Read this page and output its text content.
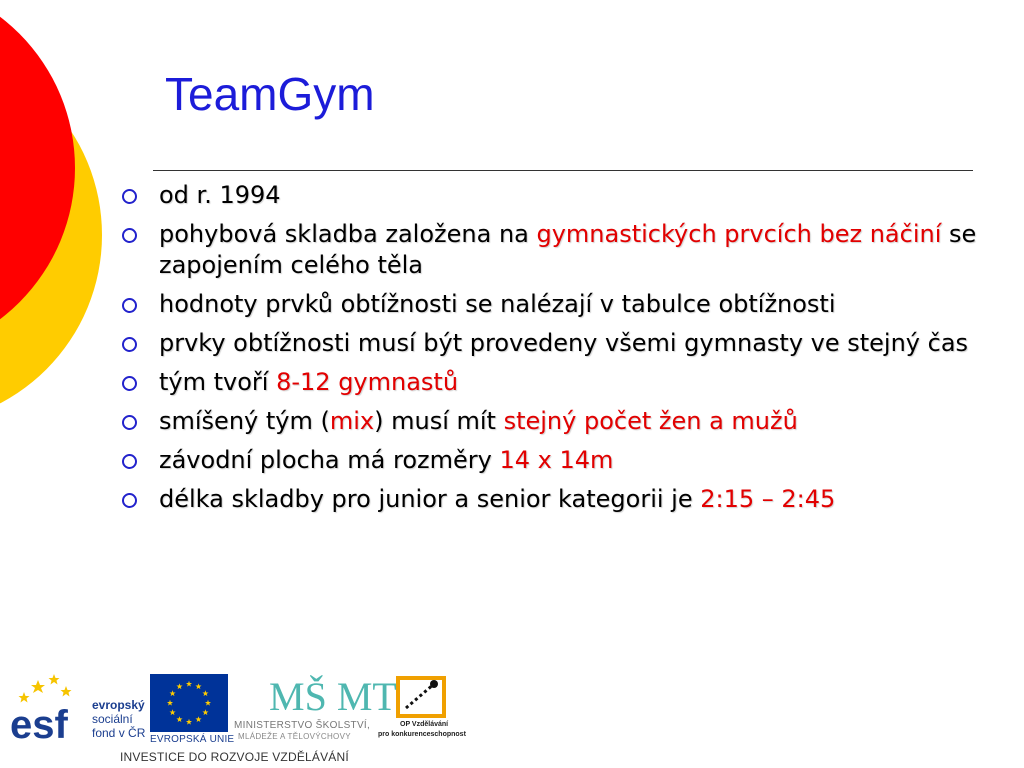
TeamGym
od r. 1994
pohybová skladba založena na gymnastických prvcích bez náčiní se zapojením celého těla
hodnoty prvků obtížnosti se nalézají v tabulce obtížnosti
prvky obtížnosti musí být provedeny všemi gymnasty ve stejný čas
tým tvoří 8-12 gymnastů
smíšený tým (mix) musí mít stejný počet žen a mužů
závodní plocha má rozměry 14 x 14m
délka skladby pro junior a senior kategorii je 2:15 – 2:45
esf evropský
sociální
fond v ČR EVROPSKÁ UNIE
MŠ MT
MINISTERSTVO ŠKOLSTVÍ,
MLÁDEŽE A TĚLOVÝCHOVY
OP Vzdělávání
pro konkurenceschopnost
INVESTICE DO ROZVOJE VZDĚLÁVÁNÍ
